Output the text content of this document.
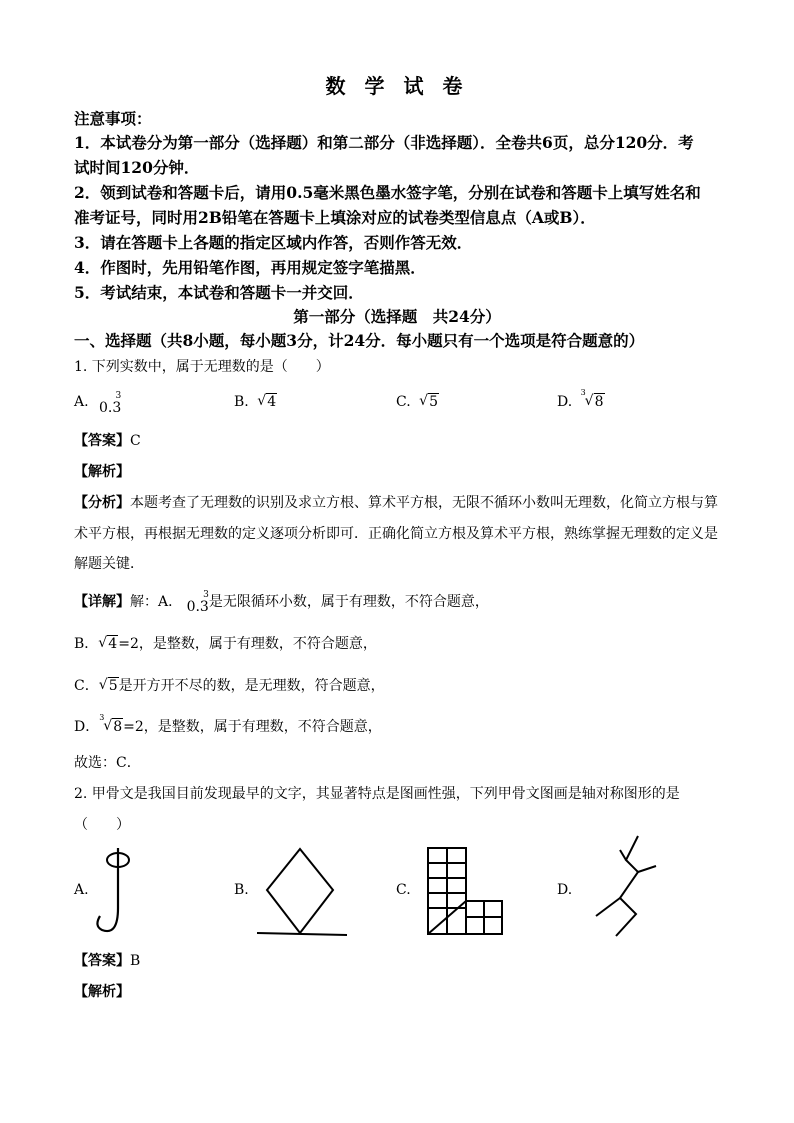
数 学 试 卷
注意事项：
1．本试卷分为第一部分（选择题）和第二部分（非选择题）．全卷共6页，总分120分．考
试时间120分钟．
2．领到试卷和答题卡后，请用0.5毫米黑色墨水签字笔，分别在试卷和答题卡上填写姓名和
准考证号，同时用2B铅笔在答题卡上填涂对应的试卷类型信息点（A或B）．
3．请在答题卡上各题的指定区域内作答，否则作答无效．
4．作图时，先用铅笔作图，再用规定签字笔描黑．
5．考试结束，本试卷和答题卡一并交回．
第一部分（选择题　共24分）
一、选择题（共8小题，每小题3分，计24分．每小题只有一个选项是符合题意的）
1. 下列实数中，属于无理数的是（　　）
A. 0.3
3	B. √ 4	C. √ 5	D.
3
√ 8
【答案】C
【解析】
【分析】本题考查了无理数的识别及求立方根、算术平方根，无限不循环小数叫无理数，化简立方根与算
术平方根，再根据无理数的定义逐项分析即可．正确化简立方根及算术平方根，熟练掌握无理数的定义是
解题关键．
【详解】解：A． 0.3
3 是无限循环小数，属于有理数，不符合题意，
B． √ 4=2，是整数，属于有理数，不符合题意，
C． √ 5是开方开不尽的数，是无理数，符合题意，
D．
3
√ 8=2，是整数，属于有理数，不符合题意，
故选：C．
2. 甲骨文是我国目前发现最早的文字，其显著特点是图画性强，下列甲骨文图画是轴对称图形的是
（　　）
A.	B.	C.	D.
【答案】B
【解析】
